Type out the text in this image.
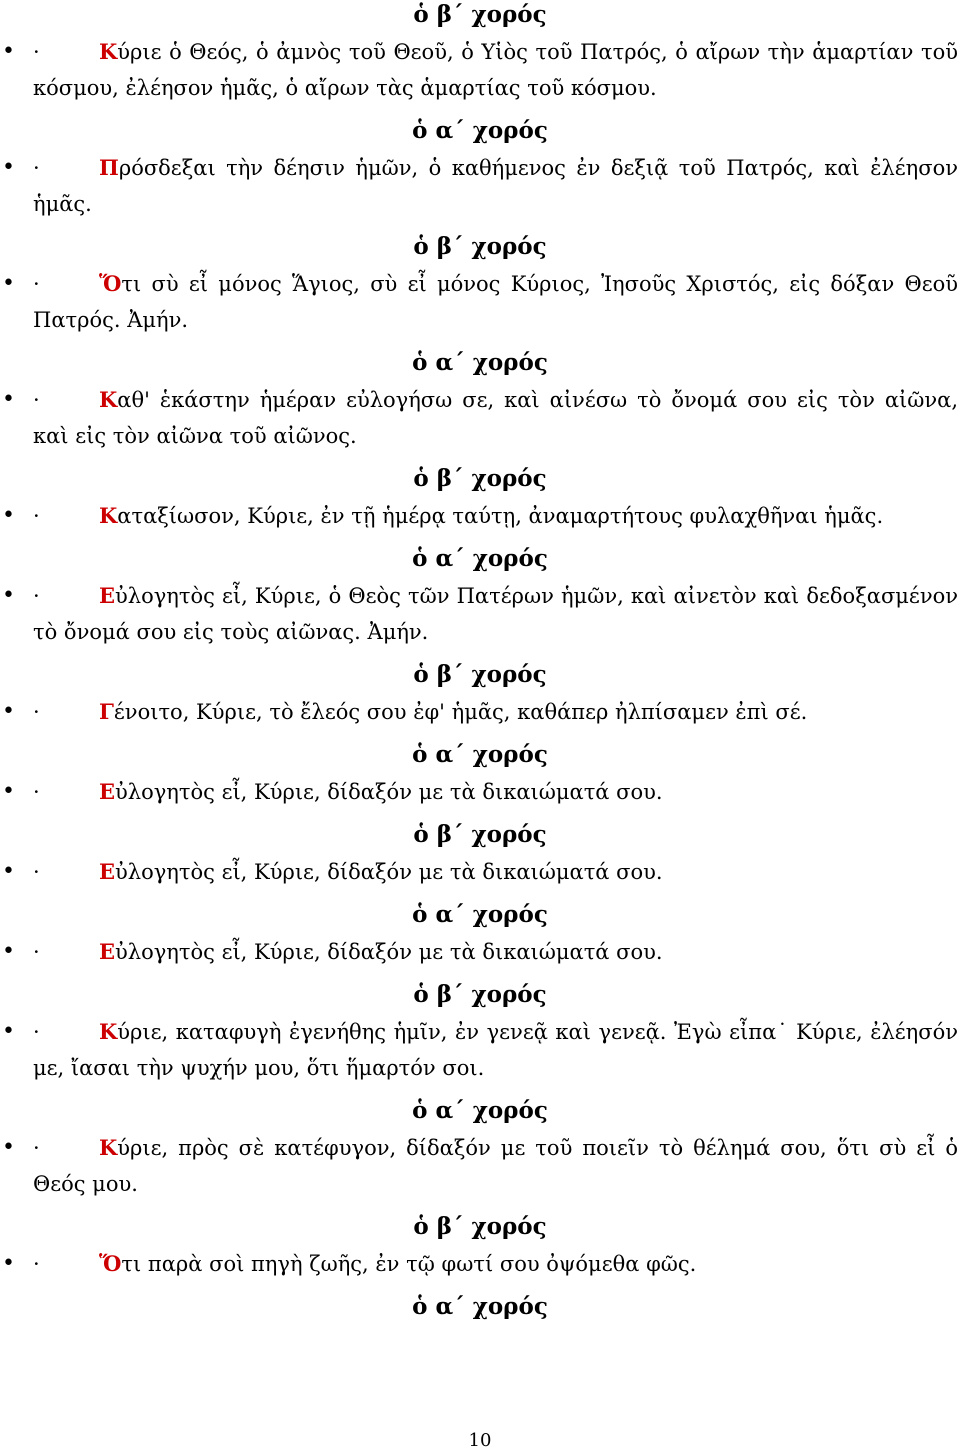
ὁ β΄ χορός
• ·	Κύριε ὁ Θεός, ὁ ἀμνὸς τοῦ Θεοῦ, ὁ Υἱὸς τοῦ Πατρός, ὁ αἴρων τὴν ἁμαρτίαν τοῦ κόσμου, ἐλέησον ἡμᾶς, ὁ αἴρων τὰς ἁμαρτίας τοῦ κόσμου.
ὁ α΄ χορός
• ·	Πρόσδεξαι τὴν δέησιν ἡμῶν, ὁ καθήμενος ἐν δεξιᾷ τοῦ Πατρός, καὶ ἐλέησον ἡμᾶς.
ὁ β΄ χορός
• ·	Ὅτι σὺ εἶ μόνος Ἅγιος, σὺ εἶ μόνος Κύριος, Ἰησοῦς Χριστός, εἰς δόξαν Θεοῦ Πατρός. Ἀμήν.
ὁ α΄ χορός
• ·	Καθ' ἑκάστην ἡμέραν εὐλογήσω σε, καὶ αἰνέσω τὸ ὄνομά σου εἰς τὸν αἰῶνα, καὶ εἰς τὸν αἰῶνα τοῦ αἰῶνος.
ὁ β΄ χορός
• ·	Καταξίωσον, Κύριε, ἐν τῇ ἡμέρᾳ ταύτῃ, ἀναμαρτήτους φυλαχθῆναι ἡμᾶς.
ὁ α΄ χορός
• ·	Εὐλογητὸς εἶ, Κύριε, ὁ Θεὸς τῶν Πατέρων ἡμῶν, καὶ αἰνετὸν καὶ δεδοξασμένον τὸ ὄνομά σου εἰς τοὺς αἰῶνας. Ἀμήν.
ὁ β΄ χορός
• ·	Γένοιτο, Κύριε, τὸ ἔλεός σου ἐφ' ἡμᾶς, καθάπερ ἠλπίσαμεν ἐπὶ σέ.
ὁ α΄ χορός
• ·	Εὐλογητὸς εἶ, Κύριε, δίδαξόν με τὰ δικαιώματά σου.
ὁ β΄ χορός
• ·	Εὐλογητὸς εἶ, Κύριε, δίδαξόν με τὰ δικαιώματά σου.
ὁ α΄ χορός
• ·	Εὐλογητὸς εἶ, Κύριε, δίδαξόν με τὰ δικαιώματά σου.
ὁ β΄ χορός
• ·	Κύριε, καταφυγὴ ἐγενήθης ἡμῖν, ἐν γενεᾷ καὶ γενεᾷ. Ἐγὼ εἶπα˙ Κύριε, ἐλέησόν με, ἴασαι τὴν ψυχήν μου, ὅτι ἥμαρτόν σοι.
ὁ α΄ χορός
• ·	Κύριε, πρὸς σὲ κατέφυγον, δίδαξόν με τοῦ ποιεῖν τὸ θέλημά σου, ὅτι σὺ εἶ ὁ Θεός μου.
ὁ β΄ χορός
• ·	Ὅτι παρὰ σοὶ πηγὴ ζωῆς, ἐν τῷ φωτί σου ὀψόμεθα φῶς.
ὁ α΄ χορός
10
